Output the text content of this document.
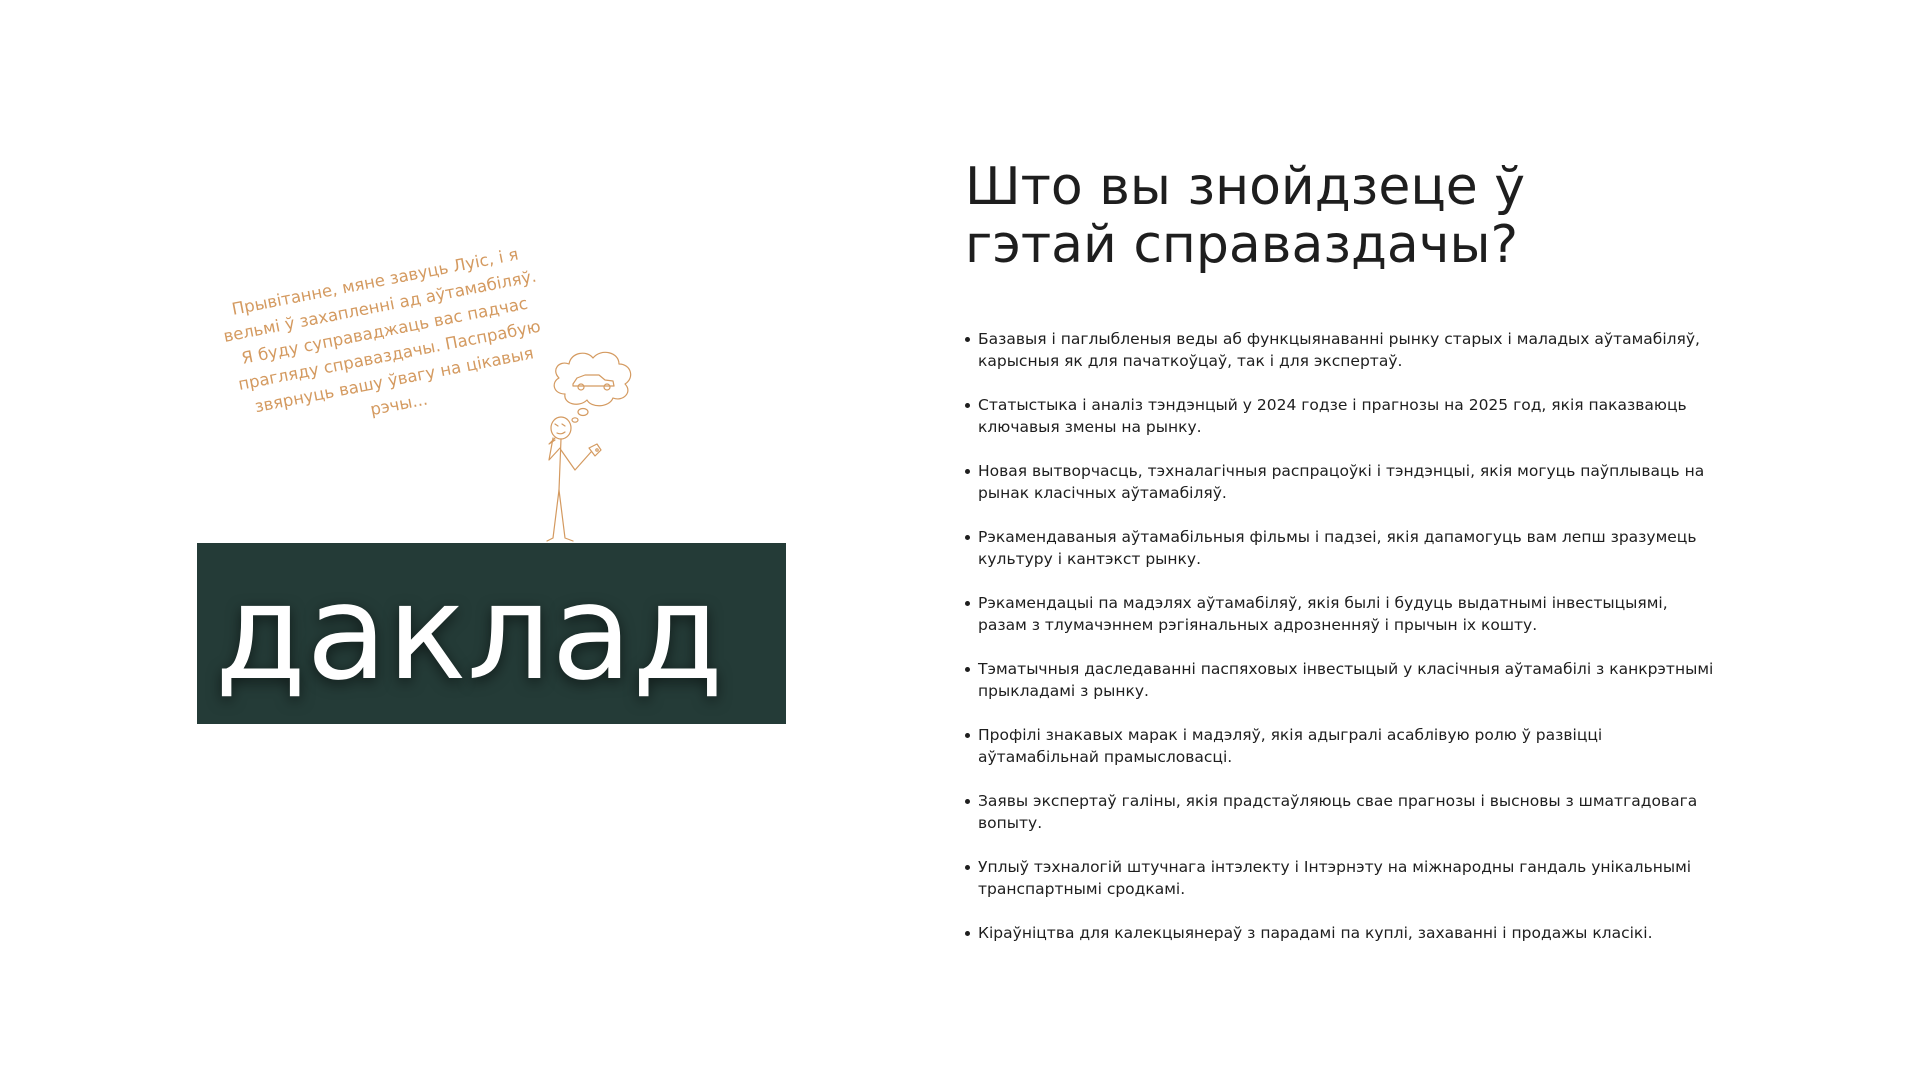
Прывітанне, мяне завуць Луіс, і я вельмі ў захапленні ад аўтамабіляў. Я буду суправаджаць вас падчас прагляду справаздачы. Паспрабую звярнуць вашу ўвагу на цікавыя рэчы...
даклад
Што вы знойдзеце ў гэтай справаздачы?
Базавыя і паглыбленыя веды аб функцыянаванні рынку старых і маладых аўтамабіляў, карысныя як для пачаткоўцаў, так і для экспертаў.
Статыстыка і аналіз тэндэнцый у 2024 годзе і прагнозы на 2025 год, якія паказваюць ключавыя змены на рынку.
Новая вытворчасць, тэхналагічныя распрацоўкі і тэндэнцыі, якія могуць паўплываць на рынак класічных аўтамабіляў.
Рэкамендаваныя аўтамабільныя фільмы і падзеі, якія дапамогуць вам лепш зразумець культуру і кантэкст рынку.
Рэкамендацыі па мадэлях аўтамабіляў, якія былі і будуць выдатнымі інвестыцыямі, разам з тлумачэннем рэгіянальных адрозненняў і прычын іх кошту.
Тэматычныя даследаванні паспяховых інвестыцый у класічныя аўтамабілі з канкрэтнымі прыкладамі з рынку.
Профілі знакавых марак і мадэляў, якія адыгралі асаблівую ролю ў развіцці аўтамабільнай прамысловасці.
Заявы экспертаў галіны, якія прадстаўляюць свае прагнозы і высновы з шматгадовага вопыту.
Уплыў тэхналогій штучнага інтэлекту і Інтэрнэту на міжнародны гандаль унікальнымі транспартнымі сродкамі.
Кіраўніцтва для калекцыянераў з парадамі па куплі, захаванні і продажы класікі.
